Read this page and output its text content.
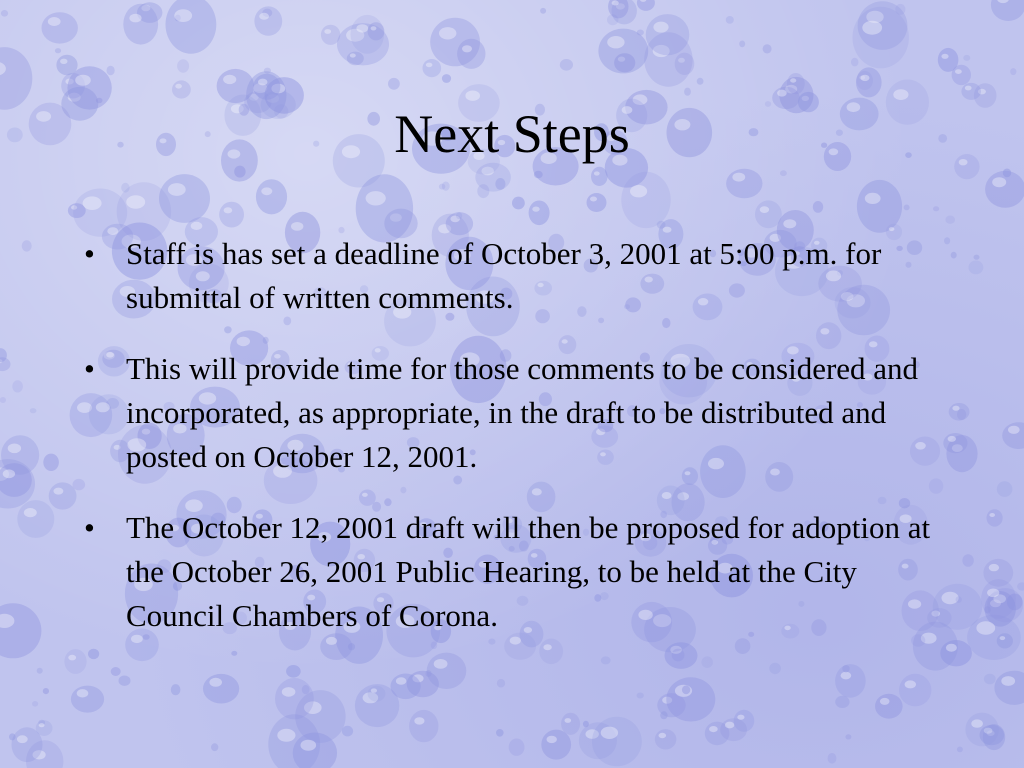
Next Steps
• Staff is has set a deadline of October 3, 2001 at 5:00 p.m. for submittal of written comments.
• This will provide time for those comments to be considered and incorporated, as appropriate, in the draft to be distributed and posted on October 12, 2001.
• The October 12, 2001 draft will then be proposed for adoption at the October 26, 2001 Public Hearing, to be held at the City Council Chambers of Corona.
